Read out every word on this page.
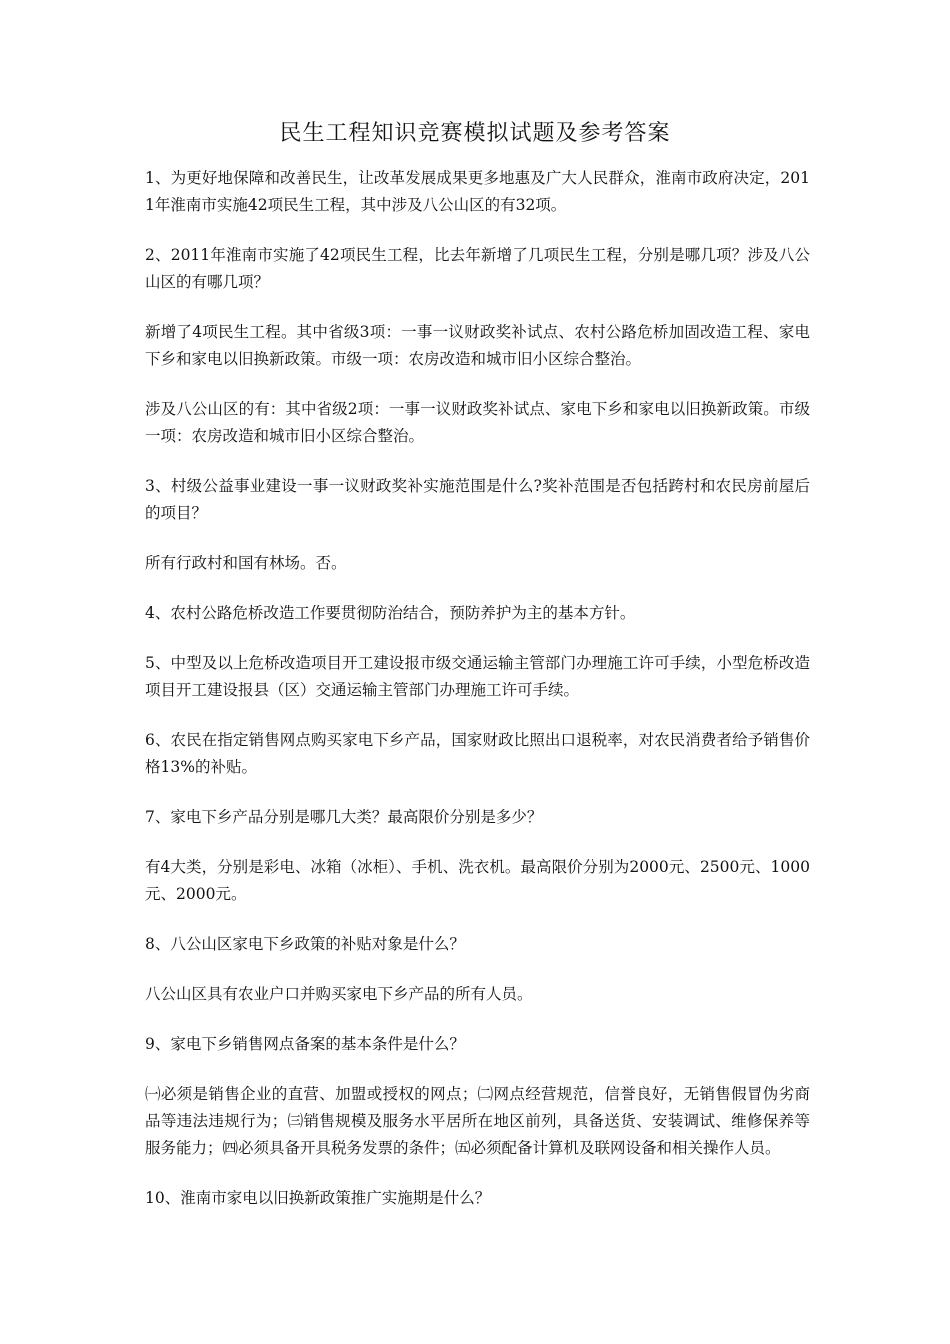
民生工程知识竞赛模拟试题及参考答案

1、为更好地保障和改善民生，让改革发展成果更多地惠及广大人民群众，淮南市政府决定，2011年淮南市实施42项民生工程，其中涉及八公山区的有32项。

2、2011年淮南市实施了42项民生工程，比去年新增了几项民生工程，分别是哪几项？涉及八公山区的有哪几项？

新增了4项民生工程。其中省级3项：一事一议财政奖补试点、农村公路危桥加固改造工程、家电下乡和家电以旧换新政策。市级一项：农房改造和城市旧小区综合整治。

涉及八公山区的有：其中省级2项：一事一议财政奖补试点、家电下乡和家电以旧换新政策。市级一项：农房改造和城市旧小区综合整治。

3、村级公益事业建设一事一议财政奖补实施范围是什么?奖补范围是否包括跨村和农民房前屋后的项目？

所有行政村和国有林场。否。

4、农村公路危桥改造工作要贯彻防治结合，预防养护为主的基本方针。

5、中型及以上危桥改造项目开工建设报市级交通运输主管部门办理施工许可手续，小型危桥改造项目开工建设报县（区）交通运输主管部门办理施工许可手续。

6、农民在指定销售网点购买家电下乡产品，国家财政比照出口退税率，对农民消费者给予销售价格13%的补贴。

7、家电下乡产品分别是哪几大类？最高限价分别是多少？

有4大类，分别是彩电、冰箱（冰柜）、手机、洗衣机。最高限价分别为2000元、2500元、1000元、2000元。

8、八公山区家电下乡政策的补贴对象是什么？

八公山区具有农业户口并购买家电下乡产品的所有人员。

9、家电下乡销售网点备案的基本条件是什么？

㈠必须是销售企业的直营、加盟或授权的网点；㈡网点经营规范，信誉良好，无销售假冒伪劣商品等违法违规行为；㈢销售规模及服务水平居所在地区前列，具备送货、安装调试、维修保养等服务能力；㈣必须具备开具税务发票的条件；㈤必须配备计算机及联网设备和相关操作人员。

10、淮南市家电以旧换新政策推广实施期是什么？
